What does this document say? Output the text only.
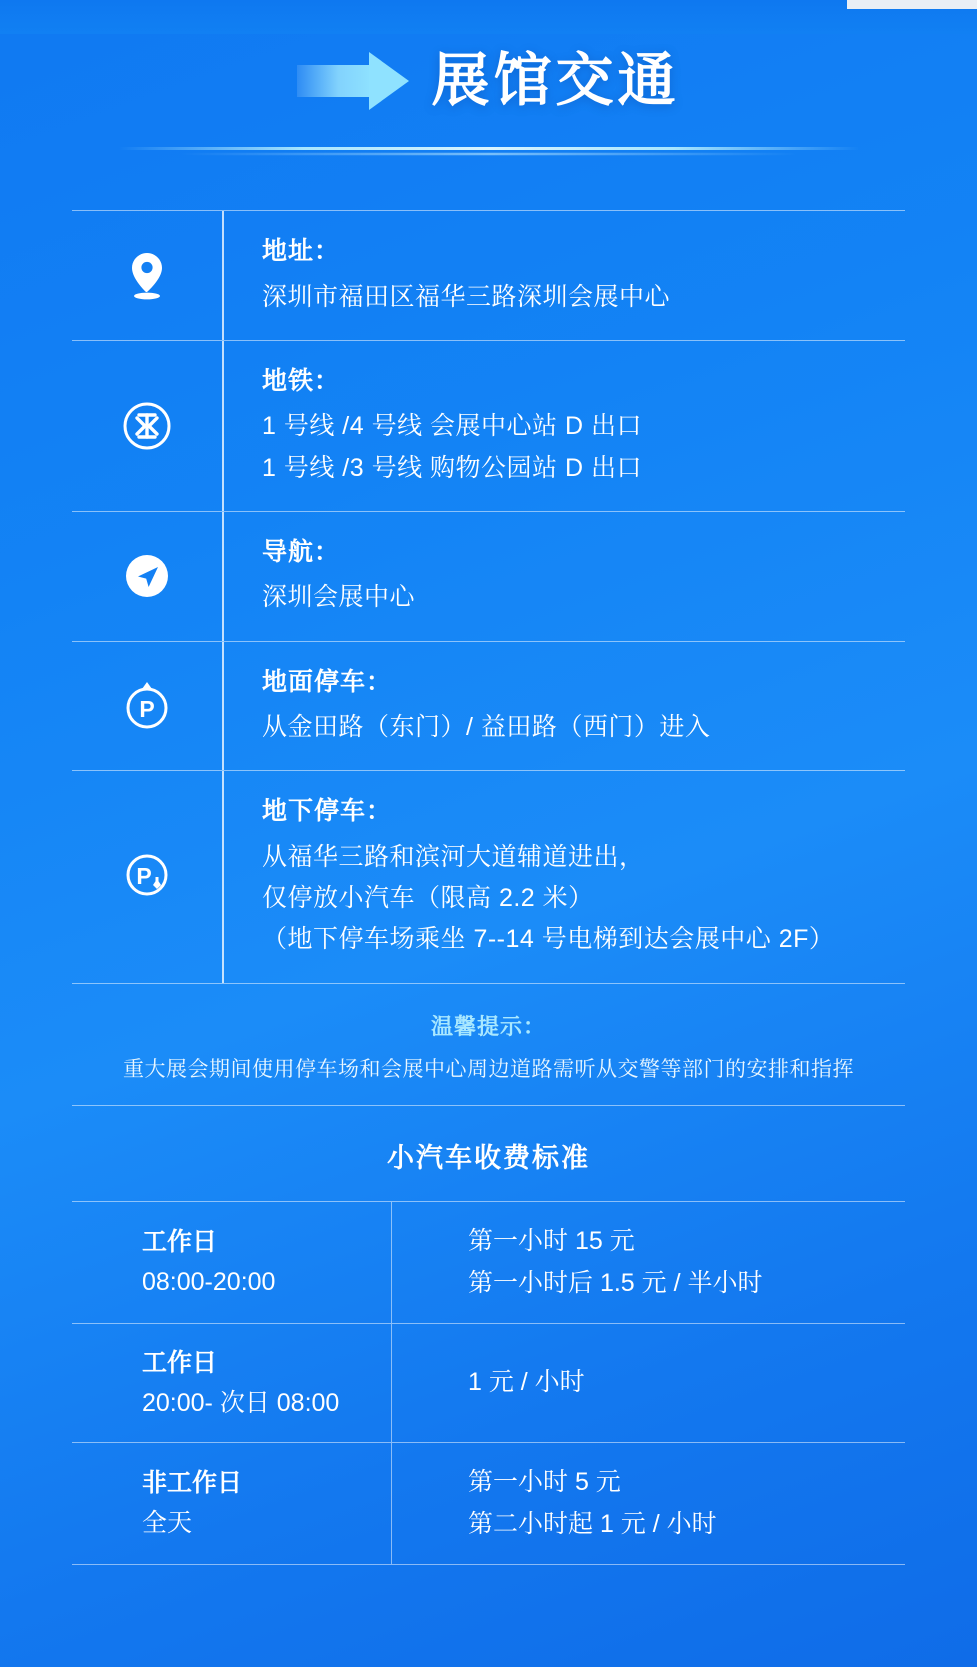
展馆交通
地址：
深圳市福田区福华三路深圳会展中心
地铁：
1 号线 /4 号线 会展中心站 D 出口
1 号线 /3 号线 购物公园站 D 出口
导航：
深圳会展中心
P
地面停车：
从金田路（东门）/ 益田路（西门）进入
P
地下停车：
从福华三路和滨河大道辅道进出，
仅停放小汽车（限高 2.2 米）
（地下停车场乘坐 7--14 号电梯到达会展中心 2F）
温馨提示：
重大展会期间使用停车场和会展中心周边道路需听从交警等部门的安排和指挥
小汽车收费标准
工作日
08:00-20:00
第一小时 15 元
第一小时后 1.5 元 / 半小时
工作日
20:00- 次日 08:00
1 元 / 小时
非工作日
全天
第一小时 5 元
第二小时起 1 元 / 小时
